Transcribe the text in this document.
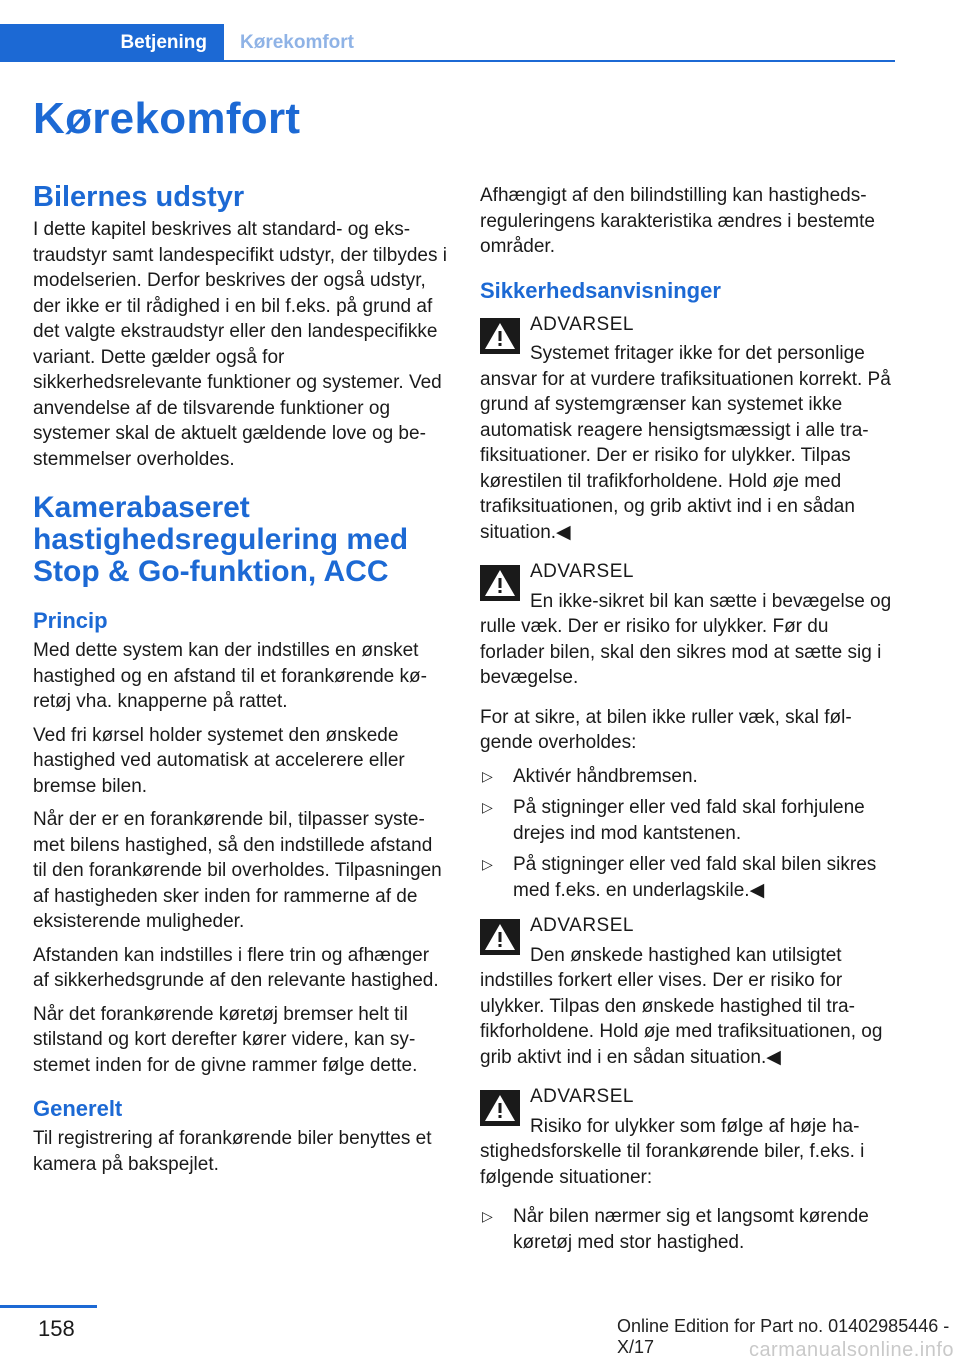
Betjening	Kørekomfort
Kørekomfort
Bilernes udstyr

I dette kapitel beskrives alt standard- og ekstraudstyr samt landespecifikt udstyr, der tilbydes i modelserien. Derfor beskrives der også udstyr, der ikke er til rådighed i en bil f.eks. på grund af det valgte ekstraudstyr eller den landespecifikke variant. Dette gælder også for sikkerhedsrelevante funktioner og systemer. Ved anvendelse af de tilsvarende funktioner og systemer skal de aktuelt gældende love og bestemmelser overholdes.

Kamerabaseret hastighedsregulering med Stop & Go-funktion, ACC
Princip

Med dette system kan der indstilles en ønsket hastighed og en afstand til et forankørende køretøj vha. knapperne på rattet.

Ved fri kørsel holder systemet den ønskede hastighed ved automatisk at accelerere eller bremse bilen.

Når der er en forankørende bil, tilpasser systemet bilens hastighed, så den indstillede afstand til den forankørende bil overholdes. Tilpasningen af hastigheden sker inden for rammerne af de eksisterende muligheder.

Afstanden kan indstilles i flere trin og afhænger af sikkerhedsgrunde af den relevante hastighed.

Når det forankørende køretøj bremser helt til stilstand og kort derefter kører videre, kan systemet inden for de givne rammer følge dette.

Generelt

Til registrering af forankørende biler benyttes et kamera på bakspejlet.

Afhængigt af den bilindstilling kan hastighedsreguleringens karakteristika ændres i bestemte områder.

Sikkerhedsanvisninger
ADVARSEL
Systemet fritager ikke for det personlige ansvar for at vurdere trafiksituationen korrekt. På grund af systemgrænser kan systemet ikke automatisk reagere hensigtsmæssigt i alle trafiksituationer. Der er risiko for ulykker. Tilpas kørestilen til trafikforholdene. Hold øje med trafiksituationen, og grib aktivt ind i en sådan situation.◀
ADVARSEL
En ikke-sikret bil kan sætte i bevægelse og rulle væk. Der er risiko for ulykker. Før du forlader bilen, skal den sikres mod at sætte sig i bevægelse.

For at sikre, at bilen ikke ruller væk, skal følgende overholdes:

▷ Aktivér håndbremsen.
▷ På stigninger eller ved fald skal forhjulene drejes ind mod kantstenen.
▷ På stigninger eller ved fald skal bilen sikres med f.eks. en underlagskile.◀
ADVARSEL
Den ønskede hastighed kan utilsigtet indstilles forkert eller vises. Der er risiko for ulykker. Tilpas den ønskede hastighed til trafikforholdene. Hold øje med trafiksituationen, og grib aktivt ind i en sådan situation.◀
ADVARSEL
Risiko for ulykker som følge af høje hastighedsforskelle til forankørende biler, f.eks. i følgende situationer:
▷ Når bilen nærmer sig et langsomt kørende køretøj med stor hastighed.
158	Online Edition for Part no. 01402985446 - X/17	carmanualsonline.info
